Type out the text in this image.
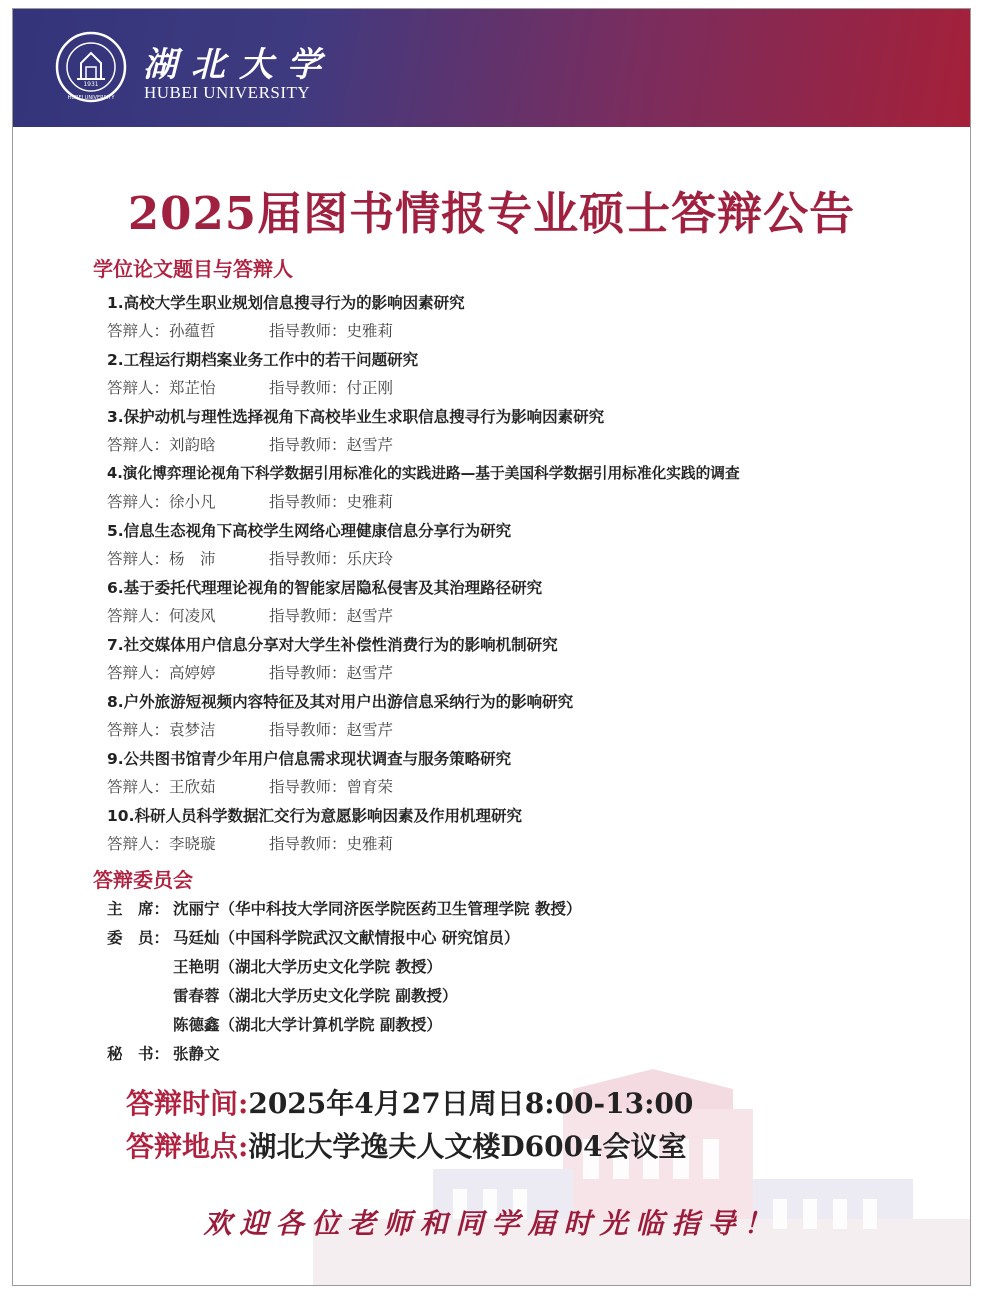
1931
HUBEI UNIVERSITY
湖北大学
HUBEI UNIVERSITY
2025届图书情报专业硕士答辩公告
学位论文题目与答辩人
1.高校大学生职业规划信息搜寻行为的影响因素研究
答辩人：孙蕴哲	指导教师：史雅莉
2.工程运行期档案业务工作中的若干问题研究
答辩人：郑芷怡	指导教师：付正刚
3.保护动机与理性选择视角下高校毕业生求职信息搜寻行为影响因素研究
答辩人：刘韵晗	指导教师：赵雪芹
4.演化博弈理论视角下科学数据引用标准化的实践进路—基于美国科学数据引用标准化实践的调查
答辩人：徐小凡	指导教师：史雅莉
5.信息生态视角下高校学生网络心理健康信息分享行为研究
答辩人：杨　沛	指导教师：乐庆玲
6.基于委托代理理论视角的智能家居隐私侵害及其治理路径研究
答辩人：何凌风	指导教师：赵雪芹
7.社交媒体用户信息分享对大学生补偿性消费行为的影响机制研究
答辩人：高婷婷	指导教师：赵雪芹
8.户外旅游短视频内容特征及其对用户出游信息采纳行为的影响研究
答辩人：袁梦洁	指导教师：赵雪芹
9.公共图书馆青少年用户信息需求现状调查与服务策略研究
答辩人：王欣茹	指导教师：曾育荣
10.科研人员科学数据汇交行为意愿影响因素及作用机理研究
答辩人：李晓璇	指导教师：史雅莉
答辩委员会
主　席： 沈丽宁（华中科技大学同济医学院医药卫生管理学院 教授）
委　员： 马廷灿（中国科学院武汉文献情报中心 研究馆员）
王艳明（湖北大学历史文化学院 教授）
雷春蓉（湖北大学历史文化学院 副教授）
陈德鑫（湖北大学计算机学院 副教授）
秘　书： 张静文
答辩时间:2025年4月27日周日8:00-13:00
答辩地点:湖北大学逸夫人文楼D6004会议室
欢迎各位老师和同学届时光临指导！
